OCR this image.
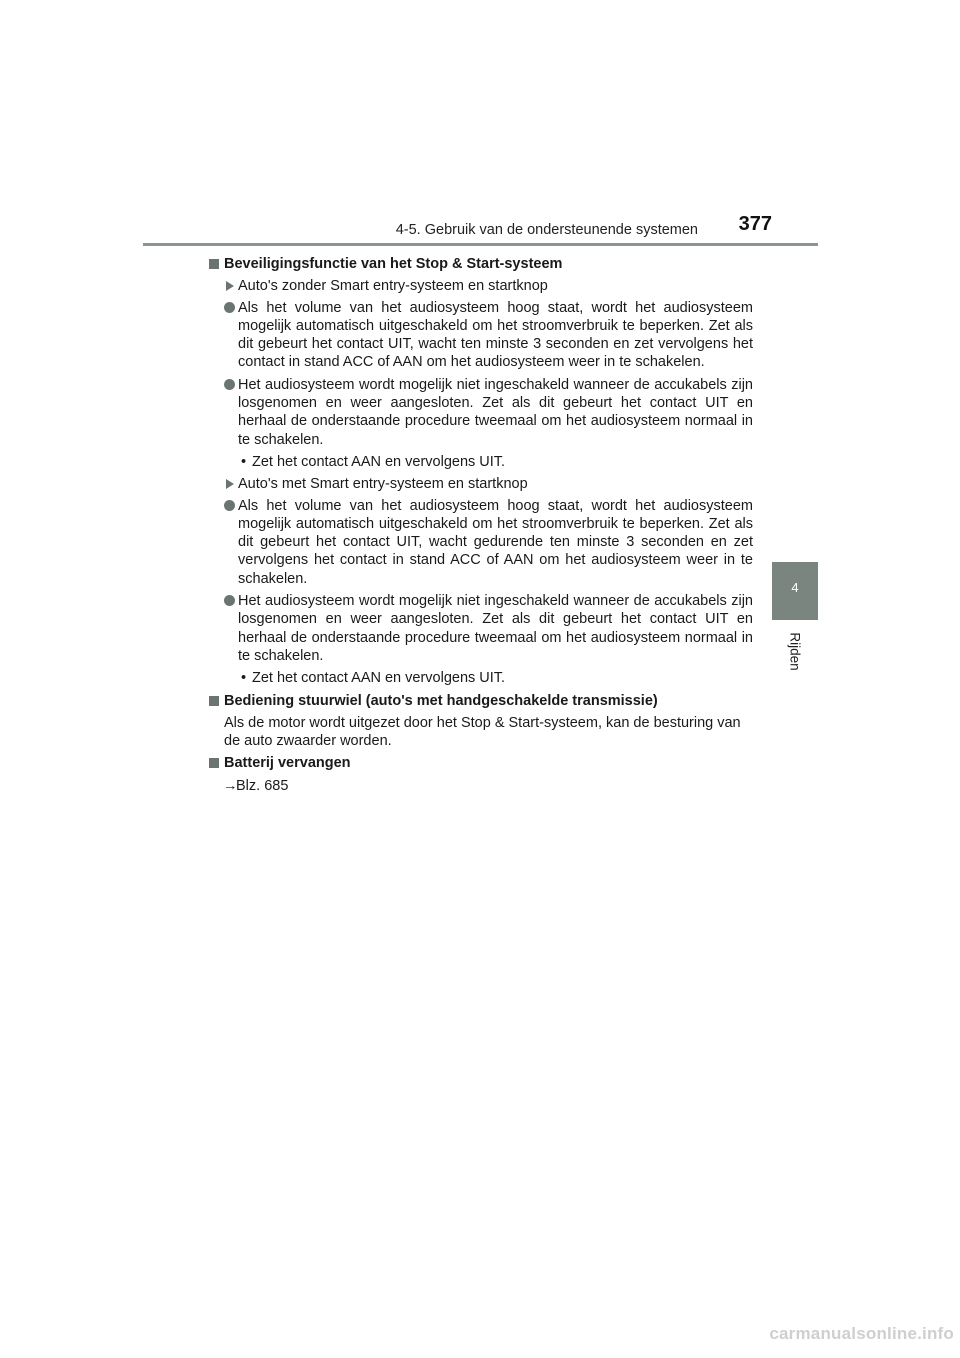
4-5. Gebruik van de ondersteunende systemen 377
4
Rijden
Beveiligingsfunctie van het Stop & Start-systeem
Auto's zonder Smart entry-systeem en startknop
Als het volume van het audiosysteem hoog staat, wordt het audiosysteem mogelijk automatisch uitgeschakeld om het stroomverbruik te beperken. Zet als dit gebeurt het contact UIT, wacht ten minste 3 seconden en zet vervolgens het contact in stand ACC of AAN om het audiosysteem weer in te schakelen.
Het audiosysteem wordt mogelijk niet ingeschakeld wanneer de accukabels zijn losgenomen en weer aangesloten. Zet als dit gebeurt het contact UIT en herhaal de onderstaande procedure tweemaal om het audiosysteem normaal in te schakelen.
• Zet het contact AAN en vervolgens UIT.
Auto's met Smart entry-systeem en startknop
Als het volume van het audiosysteem hoog staat, wordt het audiosysteem mogelijk automatisch uitgeschakeld om het stroomverbruik te beperken. Zet als dit gebeurt het contact UIT, wacht gedurende ten minste 3 seconden en zet vervolgens het contact in stand ACC of AAN om het audiosysteem weer in te schakelen.
Het audiosysteem wordt mogelijk niet ingeschakeld wanneer de accukabels zijn losgenomen en weer aangesloten. Zet als dit gebeurt het contact UIT en herhaal de onderstaande procedure tweemaal om het audiosysteem normaal in te schakelen.
• Zet het contact AAN en vervolgens UIT.
Bediening stuurwiel (auto's met handgeschakelde transmissie)
Als de motor wordt uitgezet door het Stop & Start-systeem, kan de besturing van de auto zwaarder worden.
Batterij vervangen
→
Blz. 685
carmanualsonline.info
